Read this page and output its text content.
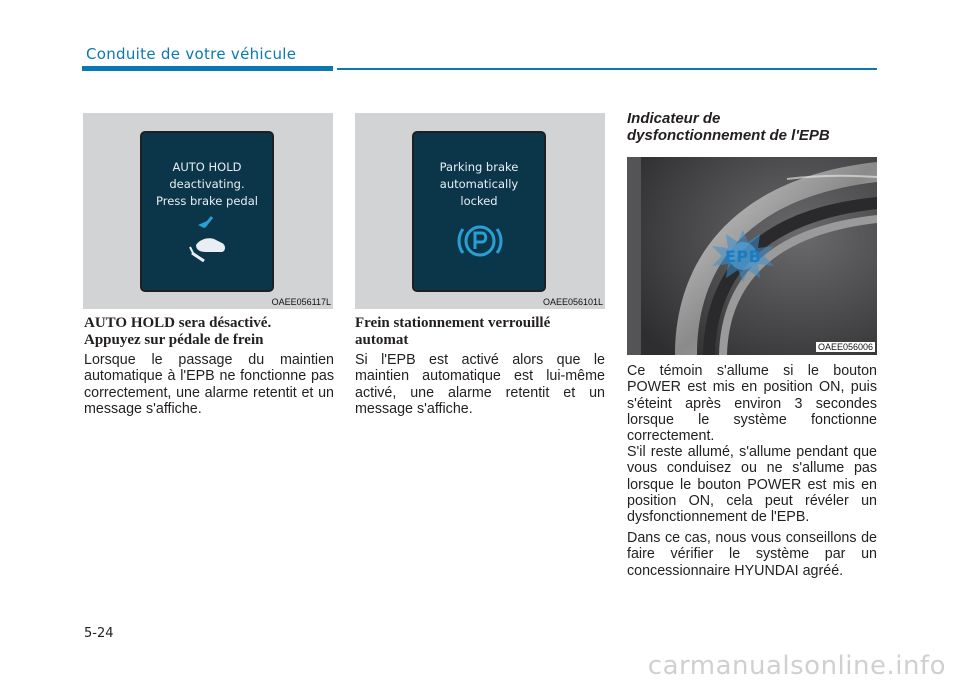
Conduite de votre véhicule
AUTO HOLD
deactivating.
Press brake pedal
OAEE056117L
Parking brake
automatically
locked
OAEE056101L
AUTO HOLD sera désactivé.
Appuyez sur pédale de frein
Lorsque le passage du maintien automatique à l'EPB ne fonctionne pas correctement, une alarme retentit et un message s'affiche.
Frein stationnement verrouillé
automat
Si l'EPB est activé alors que le maintien automatique est lui-même activé, une alarme retentit et un message s'affiche.
Indicateur de
dysfonctionnement de l'EPB
EPB
OAEE056006
Ce témoin s'allume si le bouton POWER est mis en position ON, puis s'éteint après environ 3 secondes lorsque le système fonctionne correctement.
S'il reste allumé, s'allume pendant que vous conduisez ou ne s'allume pas lorsque le bouton POWER est mis en position ON, cela peut révéler un dysfonctionnement de l'EPB.
Dans ce cas, nous vous conseillons de faire vérifier le système par un concessionnaire HYUNDAI agréé.
5-24
carmanualsonline.info
